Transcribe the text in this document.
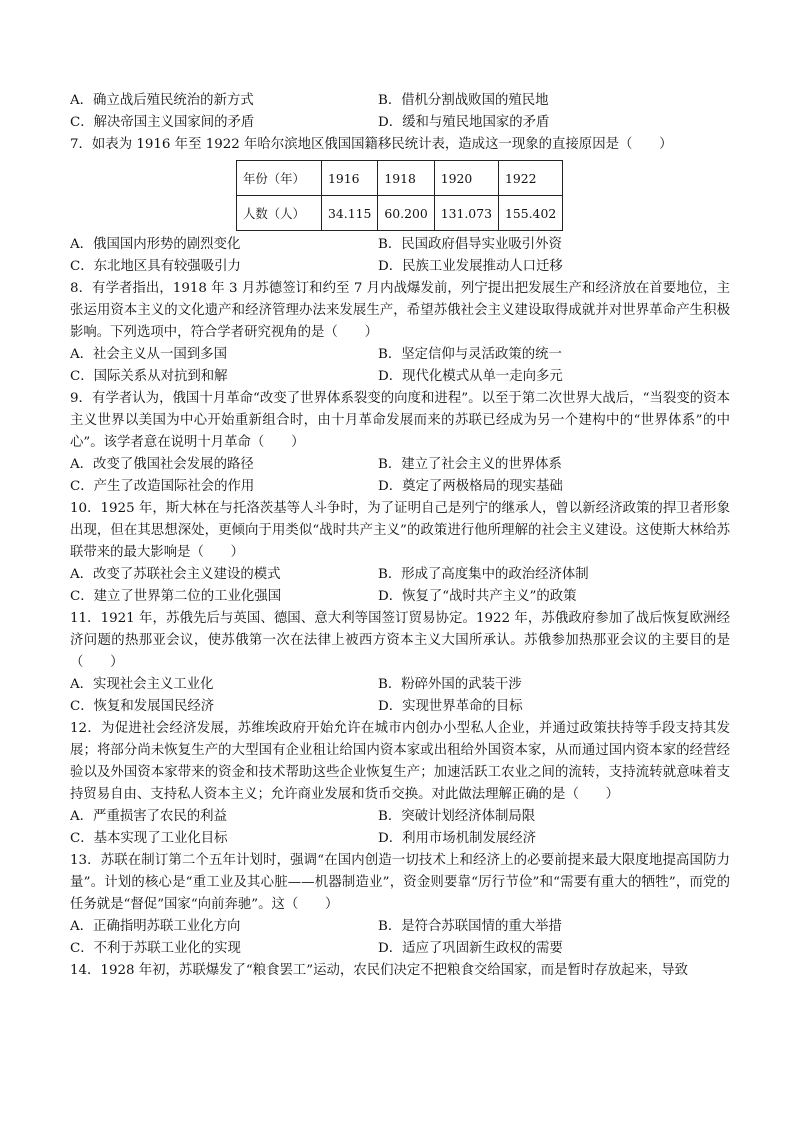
A．确立战后殖民统治的新方式	B．借机分割战败国的殖民地
C．解决帝国主义国家间的矛盾	D．缓和与殖民地国家的矛盾

7．如表为 1916 年至 1922 年哈尔滨地区俄国国籍移民统计表，造成这一现象的直接原因是（　　）

年份（年）	1916	1918	1920	1922
人数（人）	34.115	60.200	131.073	155.402
A．俄国国内形势的剧烈变化	B．民国政府倡导实业吸引外资
C．东北地区具有较强吸引力	D．民族工业发展推动人口迁移

8．有学者指出，1918 年 3 月苏德签订和约至 7 月内战爆发前，列宁提出把发展生产和经济放在首要地位，主张运用资本主义的文化遗产和经济管理办法来发展生产，希望苏俄社会主义建设取得成就并对世界革命产生积极影响。下列选项中，符合学者研究视角的是（　　）

A．社会主义从一国到多国	B．坚定信仰与灵活政策的统一
C．国际关系从对抗到和解	D．现代化模式从单一走向多元

9．有学者认为，俄国十月革命“改变了世界体系裂变的向度和进程”。以至于第二次世界大战后，“当裂变的资本主义世界以美国为中心开始重新组合时，由十月革命发展而来的苏联已经成为另一个建构中的“世界体系”的中心”。该学者意在说明十月革命（　　）

A．改变了俄国社会发展的路径	B．建立了社会主义的世界体系
C．产生了改造国际社会的作用	D．奠定了两极格局的现实基础

10．1925 年，斯大林在与托洛茨基等人斗争时，为了证明自己是列宁的继承人，曾以新经济政策的捍卫者形象出现，但在其思想深处，更倾向于用类似“战时共产主义”的政策进行他所理解的社会主义建设。这使斯大林给苏联带来的最大影响是（　　）

A．改变了苏联社会主义建设的模式	B．形成了高度集中的政治经济体制
C．建立了世界第二位的工业化强国	D．恢复了“战时共产主义”的政策

11．1921 年，苏俄先后与英国、德国、意大利等国签订贸易协定。1922 年，苏俄政府参加了战后恢复欧洲经济问题的热那亚会议，使苏俄第一次在法律上被西方资本主义大国所承认。苏俄参加热那亚会议的主要目的是（　　）

A．实现社会主义工业化	B．粉碎外国的武装干涉
C．恢复和发展国民经济	D．实现世界革命的目标

12．为促进社会经济发展，苏维埃政府开始允许在城市内创办小型私人企业，并通过政策扶持等手段支持其发展；将部分尚未恢复生产的大型国有企业租让给国内资本家或出租给外国资本家，从而通过国内资本家的经营经验以及外国资本家带来的资金和技术帮助这些企业恢复生产；加速活跃工农业之间的流转，支持流转就意味着支持贸易自由、支持私人资本主义；允许商业发展和货币交换。对此做法理解正确的是（　　）

A．严重损害了农民的利益	B．突破计划经济体制局限
C．基本实现了工业化目标	D．利用市场机制发展经济

13．苏联在制订第二个五年计划时，强调“在国内创造一切技术上和经济上的必要前提来最大限度地提高国防力量”。计划的核心是“重工业及其心脏——机器制造业”，资金则要靠“厉行节俭”和“需要有重大的牺牲”，而党的任务就是“督促”国家“向前奔驰”。这（　　）

A．正确指明苏联工业化方向	B．是符合苏联国情的重大举措
C．不利于苏联工业化的实现	D．适应了巩固新生政权的需要

14．1928 年初，苏联爆发了“粮食罢工”运动，农民们决定不把粮食交给国家，而是暂时存放起来，导致
